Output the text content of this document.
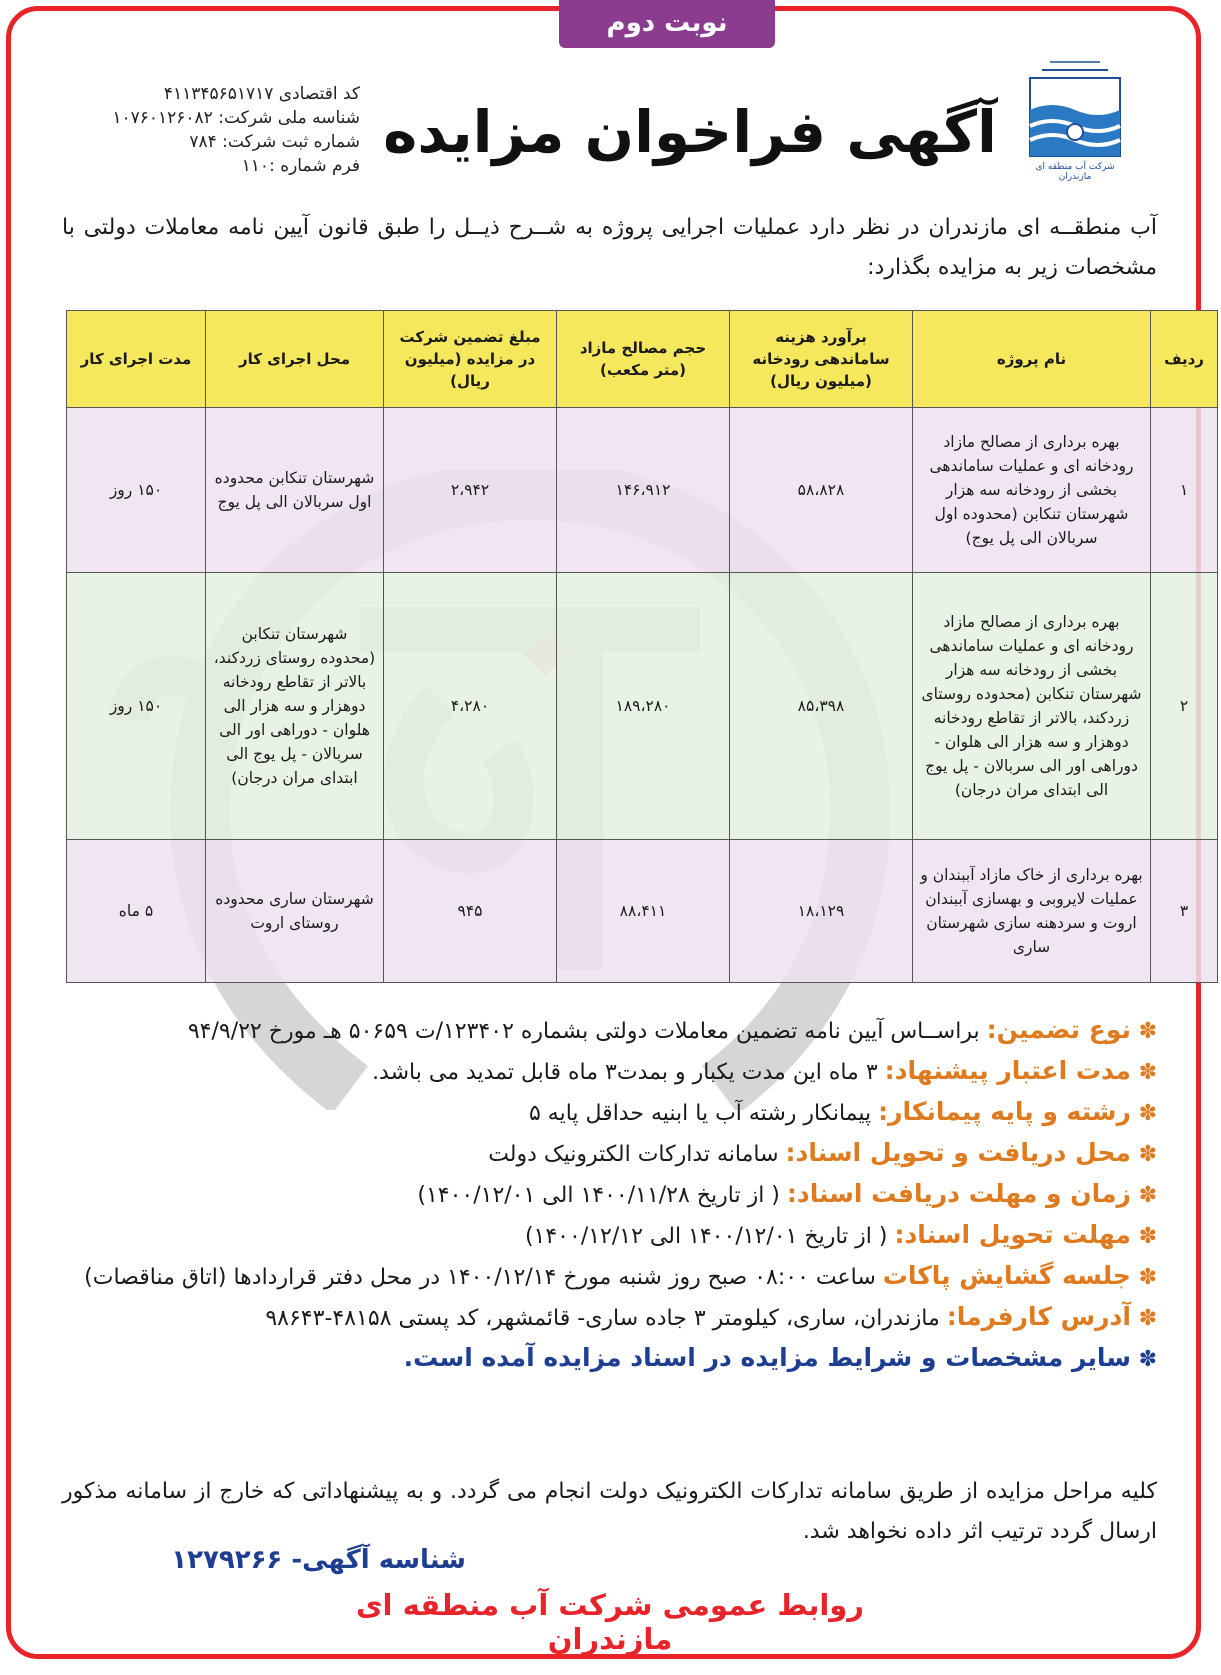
نوبت دوم
شرکت آب منطقه ای مازندران
کد اقتصادی ۴۱۱۳۴۵۶۵۱۷۱۷
شناسه ملی شرکت: ۱۰۷۶۰۱۲۶۰۸۲
شماره ثبت شرکت: ۷۸۴
فرم شماره :۱۱۰ آگهی فراخوان مزایده
آب منطقــه ای مازندران در نظر دارد عملیات اجرایی پروژه به شــرح ذیــل را طبق قانون آیین نامه معاملات دولتی با مشخصات زیر به مزایده بگذارد:
ردیف	نام پروژه	برآورد هزینه ساماندهی رودخانه (میلیون ریال)	حجم مصالح مازاد (متر مکعب)	مبلغ تضمین شرکت در مزایده (میلیون ریال)	محل اجرای کار	مدت اجرای کار
۱	بهره برداری از مصالح مازاد رودخانه ای و عملیات ساماندهی بخشی از رودخانه سه هزار شهرستان تنکابن (محدوده اول سربالان الی پل یوج)	۵۸،۸۲۸	۱۴۶،۹۱۲	۲،۹۴۲	شهرستان تنکابن محدوده اول سربالان الی پل یوج	۱۵۰ روز
۲	بهره برداری از مصالح مازاد رودخانه ای و عملیات ساماندهی بخشی از رودخانه سه هزار شهرستان تنکابن (محدوده روستای زردکند، بالاتر از تقاطع رودخانه دوهزار و سه هزار الی هلوان - دوراهی اور الی سربالان - پل یوج الی ابتدای مران درجان)	۸۵،۳۹۸	۱۸۹،۲۸۰	۴،۲۸۰	شهرستان تنکابن (محدوده روستای زردکند، بالاتر از تقاطع رودخانه دوهزار و سه هزار الی هلوان - دوراهی اور الی سربالان - پل یوج الی ابتدای مران درجان)	۱۵۰ روز
۳	بهره برداری از خاک مازاد آببندان و عملیات لایروبی و بهسازی آببندان اروت و سردهنه سازی شهرستان ساری	۱۸،۱۲۹	۸۸،۴۱۱	۹۴۵	شهرستان ساری محدوده روستای اروت	۵ ماه

✽ نوع تضمین: براســاس آیین نامه تضمین معاملات دولتی بشماره ۱۲۳۴۰۲/ت ۵۰۶۵۹ هـ مورخ ۹۴/۹/۲۲

✽ مدت اعتبار پیشنهاد: ۳ ماه این مدت یکبار و بمدت۳ ماه قابل تمدید می باشد.

✽ رشته و پایه پیمانکار: پیمانکار رشته آب یا ابنیه حداقل پایه ۵

✽ محل دریافت و تحویل اسناد: سامانه تدارکات الکترونیک دولت

✽ زمان و مهلت دریافت اسناد: ( از تاریخ ۱۴۰۰/۱۱/۲۸ الی ۱۴۰۰/۱۲/۰۱)

✽ مهلت تحویل اسناد: ( از تاریخ ۱۴۰۰/۱۲/۰۱ الی ۱۴۰۰/۱۲/۱۲)

✽ جلسه گشایش پاکات ساعت ۰۸:۰۰ صبح روز شنبه مورخ ۱۴۰۰/۱۲/۱۴ در محل دفتر قراردادها (اتاق مناقصات)

✽ آدرس کارفرما: مازندران، ساری، کیلومتر ۳ جاده ساری- قائمشهر، کد پستی ۴۸۱۵۸-۹۸۶۴۳

✽ سایر مشخصات و شرایط مزایده در اسناد مزایده آمده است.

کلیه مراحل مزایده از طریق سامانه تدارکات الکترونیک دولت انجام می گردد. و به پیشنهاداتی که خارج از سامانه مذکور ارسال گردد ترتیب اثر داده نخواهد شد.
شناسه آگهی- ۱۲۷۹۲۶۶
روابط عمومی شرکت آب منطقه ای مازندران
